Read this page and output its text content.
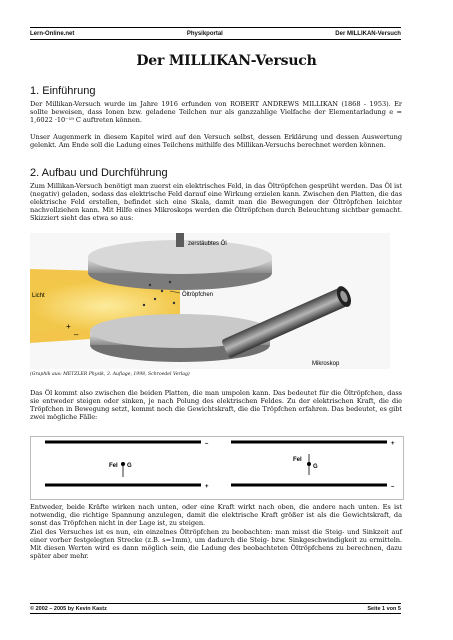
Lern-Online.net	Physikportal	Der MILLIKAN-Versuch
Der MILLIKAN-Versuch
1. Einführung

Der Millikan-Versuch wurde im Jahre 1916 erfunden von ROBERT ANDREWS MILLIKAN (1868 - 1953). Er sollte beweisen, dass Ionen bzw. geladene Teilchen nur als ganzzahlige Vielfache der Elementarladung e = 1,6022 ·10⁻¹⁹ C auftreten können.

Unser Augenmerk in diesem Kapitel wird auf den Versuch selbst, dessen Erklärung und dessen Auswertung gelenkt. Am Ende soll die Ladung eines Teilchens mithilfe des Millikan-Versuchs berechnet werden können.

2. Aufbau und Durchführung

Zum Millikan-Versuch benötigt man zuerst ein elektrisches Feld, in das Öltröpfchen gesprüht werden. Das Öl ist (negativ) geladen, sodass das elektrische Feld darauf eine Wirkung erzielen kann. Zwischen den Platten, die das elektrische Feld erstellen, befindet sich eine Skala, damit man die Bewegungen der Öltröpfchen leichter nachvollziehen kann. Mit Hilfe eines Mikroskops werden die Öltröpfchen durch Beleuchtung sichtbar gemacht. Skizziert sieht das etwa so aus:

zerstäubtes Öl
Öltröpfchen
Licht
+
–
Mikroskop
(Graphik aus: METZLER Physik, 3. Auflage, 1998, Schroedel Verlag)

Das Öl kommt also zwischen die beiden Platten, die man umpolen kann. Das bedeutet für die Öltröpfchen, dass sie entweder steigen oder sinken, je nach Polung des elektrischen Feldes. Zu der elektrischen Kraft, die die Tröpfchen in Bewegung setzt, kommt noch die Gewichtskraft, die die Tröpfchen erfahren. Das bedeutet, es gibt zwei mögliche Fälle:

Fel G
Fel
G
–
+
+
–

Entweder, beide Kräfte wirken nach unten, oder eine Kraft wirkt nach oben, die andere nach unten. Es ist notwendig, die richtige Spannung anzulegen, damit die elektrische Kraft größer ist als die Gewichtskraft, da sonst das Tröpfchen nicht in der Lage ist, zu steigen.

Ziel des Versuches ist es nun, ein einzelnes Öltröpfchen zu beobachten: man misst die Steig- und Sinkzeit auf einer vorher festgelegten Strecke (z.B. s=1mm), um dadurch die Steig- bzw. Sinkgeschwindigkeit zu ermitteln. Mit diesen Werten wird es dann möglich sein, die Ladung des beobachteten Öltröpfchens zu berechnen, dazu später aber mehr.

© 2002 – 2005 by Kevin Kastz	Seite 1 von 5
